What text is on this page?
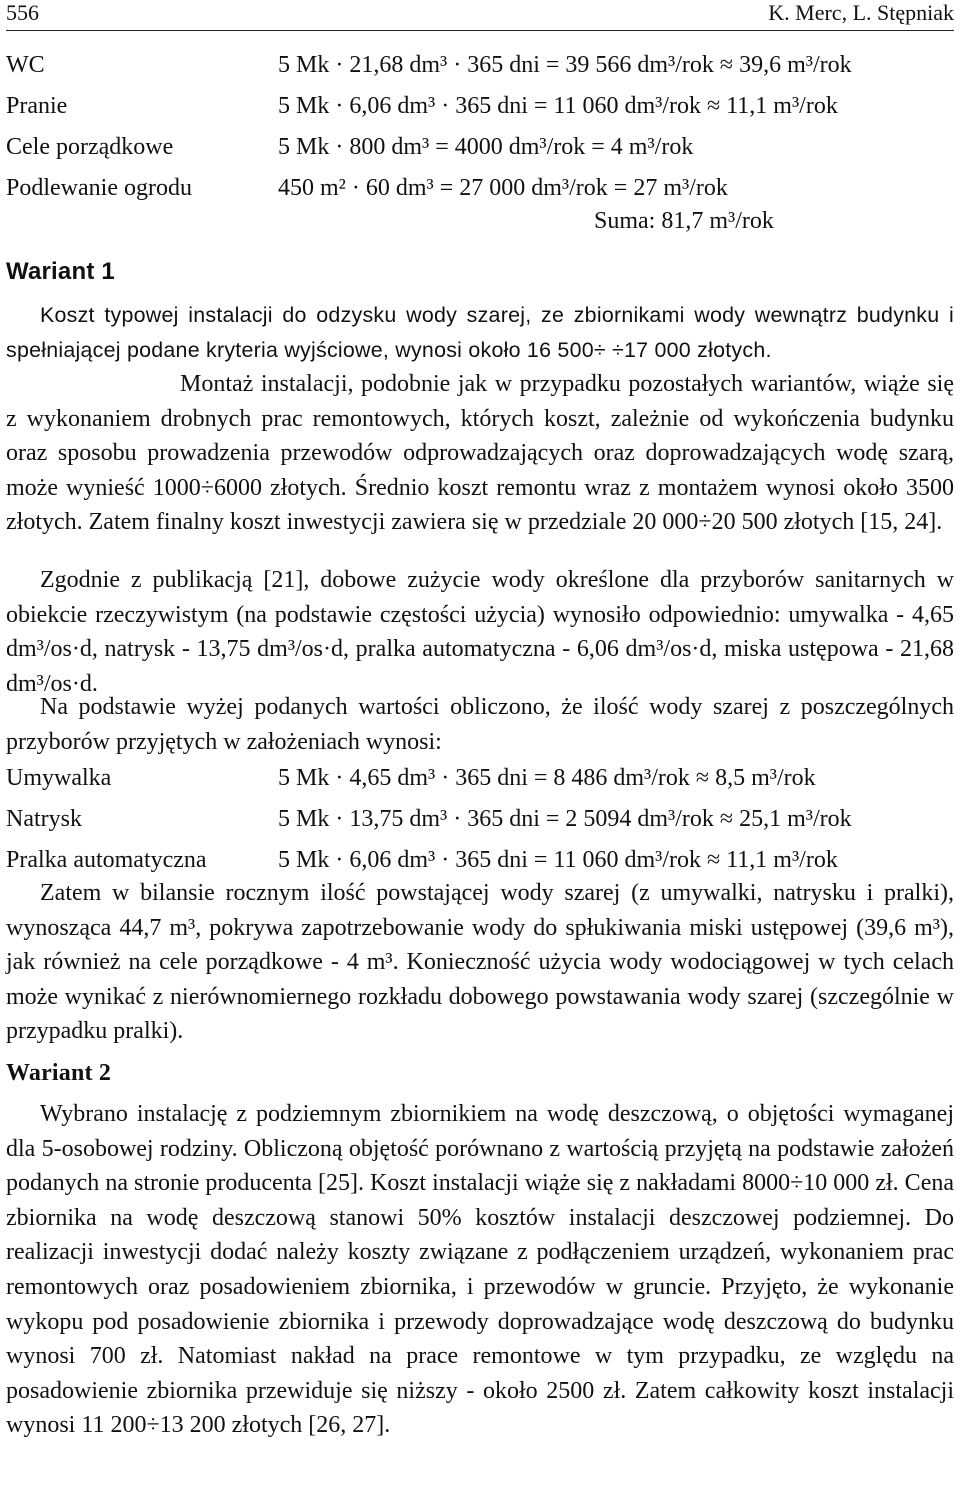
556	K. Merc, L. Stępniak
WC	5 Mk · 21,68 dm³ · 365 dni = 39 566 dm³/rok ≈ 39,6 m³/rok
Pranie	5 Mk · 6,06 dm³ · 365 dni = 11 060 dm³/rok ≈ 11,1 m³/rok
Cele porządkowe	5 Mk · 800 dm³ = 4000 dm³/rok = 4 m³/rok
Podlewanie ogrodu	450 m² · 60 dm³ = 27 000 dm³/rok = 27 m³/rok
Suma: 81,7 m³/rok
Wariant 1
Koszt typowej instalacji do odzysku wody szarej, ze zbiornikami wody wewnątrz budynku i spełniającej podane kryteria wyjściowe, wynosi około 16 500÷ ÷17 000 złotych.
Montaż instalacji, podobnie jak w przypadku pozostałych wariantów, wiąże się z wykonaniem drobnych prac remontowych, których koszt, zależnie od wykończenia budynku oraz sposobu prowadzenia przewodów odprowadzających oraz doprowadzających wodę szarą, może wynieść 1000÷6000 złotych. Średnio koszt remontu wraz z montażem wynosi około 3500 złotych. Zatem finalny koszt inwestycji zawiera się w przedziale 20 000÷20 500 złotych [15, 24].
Zgodnie z publikacją [21], dobowe zużycie wody określone dla przyborów sanitarnych w obiekcie rzeczywistym (na podstawie częstości użycia) wynosiło odpowiednio: umywalka - 4,65 dm³/os·d, natrysk - 13,75 dm³/os·d, pralka automatyczna - 6,06 dm³/os·d, miska ustępowa - 21,68 dm³/os·d.
Na podstawie wyżej podanych wartości obliczono, że ilość wody szarej z poszczególnych przyborów przyjętych w założeniach wynosi:
Umywalka	5 Mk · 4,65 dm³ · 365 dni = 8 486 dm³/rok ≈ 8,5 m³/rok
Natrysk	5 Mk · 13,75 dm³ · 365 dni = 2 5094 dm³/rok ≈ 25,1 m³/rok
Pralka automatyczna	5 Mk · 6,06 dm³ · 365 dni = 11 060 dm³/rok ≈ 11,1 m³/rok
Zatem w bilansie rocznym ilość powstającej wody szarej (z umywalki, natrysku i pralki), wynosząca 44,7 m³, pokrywa zapotrzebowanie wody do spłukiwania miski ustępowej (39,6 m³), jak również na cele porządkowe - 4 m³. Konieczność użycia wody wodociągowej w tych celach może wynikać z nierównomiernego rozkładu dobowego powstawania wody szarej (szczególnie w przypadku pralki).
Wariant 2
Wybrano instalację z podziemnym zbiornikiem na wodę deszczową, o objętości wymaganej dla 5-osobowej rodziny. Obliczoną objętość porównano z wartością przyjętą na podstawie założeń podanych na stronie producenta [25]. Koszt instalacji wiąże się z nakładami 8000÷10 000 zł. Cena zbiornika na wodę deszczową stanowi 50% kosztów instalacji deszczowej podziemnej. Do realizacji inwestycji dodać należy koszty związane z podłączeniem urządzeń, wykonaniem prac remontowych oraz posadowieniem zbiornika, i przewodów w gruncie. Przyjęto, że wykonanie wykopu pod posadowienie zbiornika i przewody doprowadzające wodę deszczową do budynku wynosi 700 zł. Natomiast nakład na prace remontowe w tym przypadku, ze względu na posadowienie zbiornika przewiduje się niższy - około 2500 zł. Zatem całkowity koszt instalacji wynosi 11 200÷13 200 złotych [26, 27].
